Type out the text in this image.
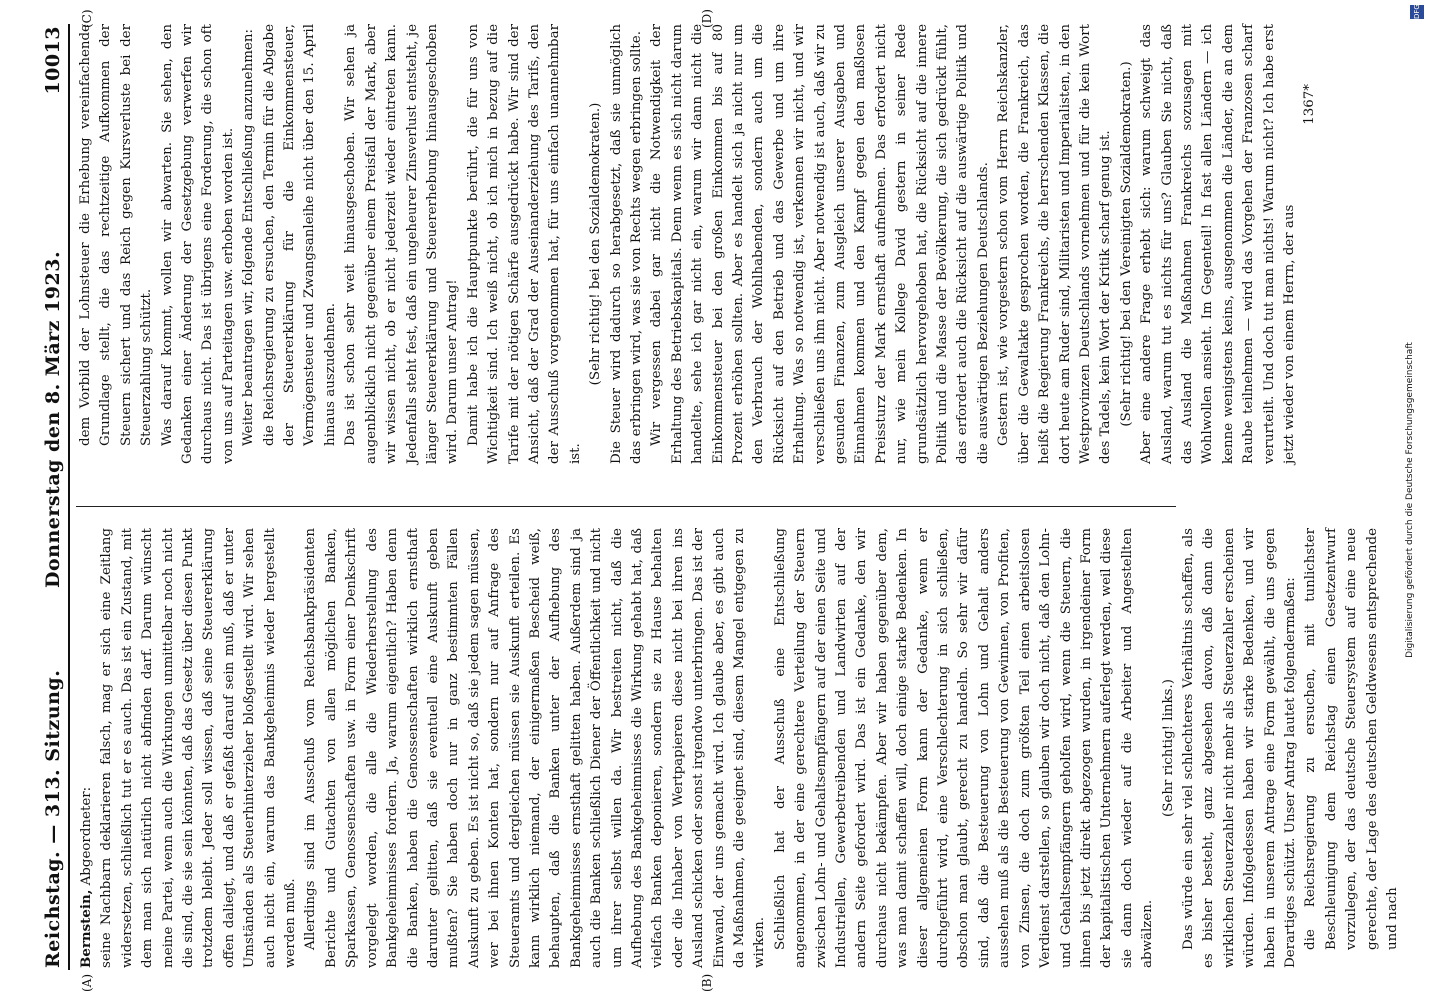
Reichstag. — 313. Sitzung.
Donnerstag den 8. März 1923.
10013
(A)	(B)
(C)	(D)

Bernstein, Abgeordneter: seine Nachbarn deklarieren falsch, mag er sich eine Zeitlang widersetzen, schließlich tut er es auch. Das ist ein Zustand, mit dem man sich natürlich nicht abfinden darf. Darum wünscht meine Partei, wenn auch die Wirkungen unmittelbar noch nicht die sind, die sie sein könnten, daß das Gesetz über diesen Punkt trotzdem bleibt. Jeder soll wissen, daß seine Steuererklärung offen daliegt, und daß er gefaßt darauf sein muß, daß er unter Umständen als Steuerhinterzieher bloßgestellt wird. Wir sehen auch nicht ein, warum das Bankgeheimnis wieder hergestellt werden muß. Allerdings sind im Ausschuß vom Reichsbankpräsidenten Berichte und Gutachten von allen möglichen Banken, Sparkassen, Genossenschaften usw. in Form einer Denkschrift vorgelegt worden, die alle die Wiederherstellung des Bankgeheimnisses fordern. Ja, warum eigentlich? Haben denn die Banken, haben die Genossenschaften wirklich ernsthaft darunter gelitten, daß sie eventuell eine Auskunft geben mußten? Sie haben doch nur in ganz bestimmten Fällen Auskunft zu geben. Es ist nicht so, daß sie jedem sagen müssen, wer bei ihnen Konten hat, sondern nur auf Anfrage des Steueramts und dergleichen müssen sie Auskunft erteilen. Es kann wirklich niemand, der einigermaßen Bescheid weiß, behaupten, daß die Banken unter der Aufhebung des Bankgeheimnisses ernsthaft gelitten haben. Außerdem sind ja auch die Banken schließlich Diener der Öffentlichkeit und nicht um ihrer selbst willen da. Wir bestreiten nicht, daß die Aufhebung des Bankgeheimnisses die Wirkung gehabt hat, daß vielfach Banken deponieren, sondern sie zu Hause behalten oder die Inhaber von Wertpapieren diese nicht bei ihren ins Ausland schicken oder sonst irgendwo unterbringen. Das ist der Einwand, der uns gemacht wird. Ich glaube aber, es gibt auch da Maßnahmen, die geeignet sind, diesem Mangel entgegen zu wirken. Schließlich hat der Ausschuß eine Entschließung angenommen, in der eine gerechtere Verteilung der Steuern zwischen Lohn- und Gehaltsempfängern auf der einen Seite und Industriellen, Gewerbetreibenden und Landwirten auf der andern Seite gefordert wird. Das ist ein Gedanke, den wir durchaus nicht bekämpfen. Aber wir haben gegenüber dem, was man damit schaffen will, doch einige starke Bedenken. In dieser allgemeinen Form kann der Gedanke, wenn er durchgeführt wird, eine Verschlechterung in sich schließen, obschon man glaubt, gerecht zu handeln. So sehr wir dafür sind, daß die Besteuerung von Lohn und Gehalt anders aussehen muß als die Besteuerung von Gewinnen, von Profiten, von Zinsen, die doch zum größten Teil einen arbeitslosen Verdienst darstellen, so glauben wir doch nicht, daß den Lohn- und Gehaltsempfängern geholfen wird, wenn die Steuern, die ihnen bis jetzt direkt abgezogen wurden, in irgendeiner Form der kapitalistischen Unternehmern auferlegt werden, weil diese sie dann doch wieder auf die Arbeiter und Angestellten abwälzen.

(Sehr richtig! links.) Das würde ein sehr viel schlechteres Verhältnis schaffen, als es bisher besteht, ganz abgesehen davon, daß dann die wirklichen Steuerzahler nicht mehr als Steuerzahler erscheinen würden. Infolgedessen haben wir starke Bedenken, und wir haben in unserem Antrage eine Form gewählt, die uns gegen Derartiges schützt. Unser Antrag lautet folgendermaßen: die Reichsregierung zu ersuchen, mit tunlichster Beschleunigung dem Reichstag einen Gesetzentwurf vorzulegen, der das deutsche Steuersystem auf eine neue gerechte, der Lage des deutschen Geldwesens entsprechende und nach

dem Vorbild der Lohnsteuer die Erhebung vereinfachende Grundlage stellt, die das rechtzeitige Aufkommen der Steuern sichert und das Reich gegen Kursverluste bei der Steuerzahlung schützt. Was darauf kommt, wollen wir abwarten. Sie sehen, den Gedanken einer Änderung der Gesetzgebung verwerfen wir durchaus nicht. Das ist übrigens eine Forderung, die schon oft von uns auf Parteitagen usw. erhoben worden ist. Weiter beantragen wir, folgende Entschließung anzunehmen: die Reichsregierung zu ersuchen, den Termin für die Abgabe der Steuererklärung für die Einkommensteuer, Vermögensteuer und Zwangsanleihe nicht über den 15. April hinaus auszudehnen. Das ist schon sehr weit hinausgeschoben. Wir sehen ja augenblicklich nicht gegenüber einem Preisfall der Mark, aber wir wissen nicht, ob er nicht jederzeit wieder eintreten kann. Jedenfalls steht fest, daß ein ungeheurer Zinsverlust entsteht, je länger Steuererklärung und Steuererhebung hinausgeschoben wird. Darum unser Antrag! Damit habe ich die Hauptpunkte berührt, die für uns von Wichtigkeit sind. Ich weiß nicht, ob ich mich in bezug auf die Tarife mit der nötigen Schärfe ausgedrückt habe. Wir sind der Ansicht, daß der Grad der Auseinanderziehung des Tarifs, den der Ausschuß vorgenommen hat, für uns einfach unannehmbar ist.

(Sehr richtig! bei den Sozialdemokraten.) Die Steuer wird dadurch so herabgesetzt, daß sie unmöglich das erbringen wird, was sie von Rechts wegen erbringen sollte. Wir vergessen dabei gar nicht die Notwendigkeit der Erhaltung des Betriebskapitals. Denn wenn es sich nicht darum handelte, sehe ich gar nicht ein, warum wir dann nicht die Einkommensteuer bei den großen Einkommen bis auf 80 Prozent erhöhen sollten. Aber es handelt sich ja nicht nur um den Verbrauch der Wohlhabenden, sondern auch um die Rücksicht auf den Betrieb und das Gewerbe und um ihre Erhaltung. Was so notwendig ist, verkennen wir nicht, und wir verschließen uns ihm nicht. Aber notwendig ist auch, daß wir zu gesunden Finanzen, zum Ausgleich unserer Ausgaben und Einnahmen kommen und den Kampf gegen den maßlosen Preissturz der Mark ernsthaft aufnehmen. Das erfordert nicht nur, wie mein Kollege David gestern in seiner Rede grundsätzlich hervorgehoben hat, die Rücksicht auf die innere Politik und die Masse der Bevölkerung, die sich gedrückt fühlt, das erfordert auch die Rücksicht auf die auswärtige Politik und die auswärtigen Beziehungen Deutschlands. Gestern ist, wie vorgestern schon vom Herrn Reichskanzler, über die Gewaltakte gesprochen worden, die Frankreich, das heißt die Regierung Frankreichs, die herrschenden Klassen, die dort heute am Ruder sind, Militaristen und Imperialisten, in den Westprovinzen Deutschlands vornehmen und für die kein Wort des Tadels, kein Wort der Kritik scharf genug ist. (Sehr richtig! bei den Vereinigten Sozialdemokraten.) Aber eine andere Frage erhebt sich: warum schweigt das Ausland, warum tut es nichts für uns? Glauben Sie nicht, daß das Ausland die Maßnahmen Frankreichs sozusagen mit Wohlwollen ansieht. Im Gegenteil! In fast allen Ländern — ich kenne wenigstens keins, ausgenommen die Länder, die an dem Raube teilnehmen — wird das Vorgehen der Franzosen scharf verurteilt. Und doch tut man nichts! Warum nicht? Ich habe erst jetzt wieder von einem Herrn, der aus

1367*

Digitalisierung gefördert durch die Deutsche Forschungsgemeinschaft
DFG
